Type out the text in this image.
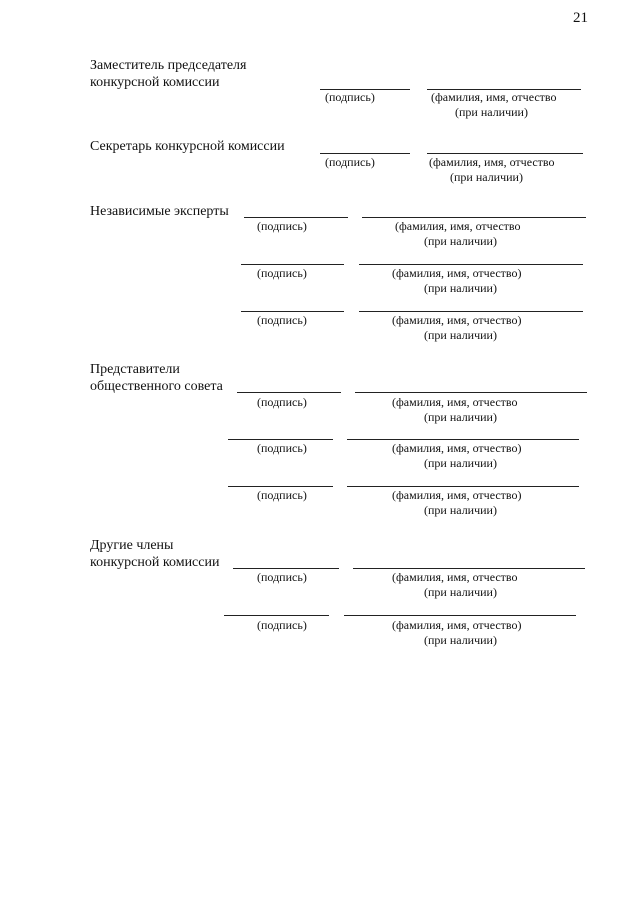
21
Заместитель председателя
конкурсной комиссии
(подпись)	(фамилия, имя, отчество
(при наличии)
Секретарь конкурсной комиссии
(подпись)	(фамилия, имя, отчество
(при наличии)
Независимые эксперты
(подпись)	(фамилия, имя, отчество
(при наличии)
(подпись)	(фамилия, имя, отчество)
(при наличии)
(подпись)	(фамилия, имя, отчество)
(при наличии)
Представители
общественного совета
(подпись)	(фамилия, имя, отчество
(при наличии)
(подпись)	(фамилия, имя, отчество)
(при наличии)
(подпись)	(фамилия, имя, отчество)
(при наличии)
Другие члены
конкурсной комиссии
(подпись)	(фамилия, имя, отчество
(при наличии)
(подпись)	(фамилия, имя, отчество)
(при наличии)
